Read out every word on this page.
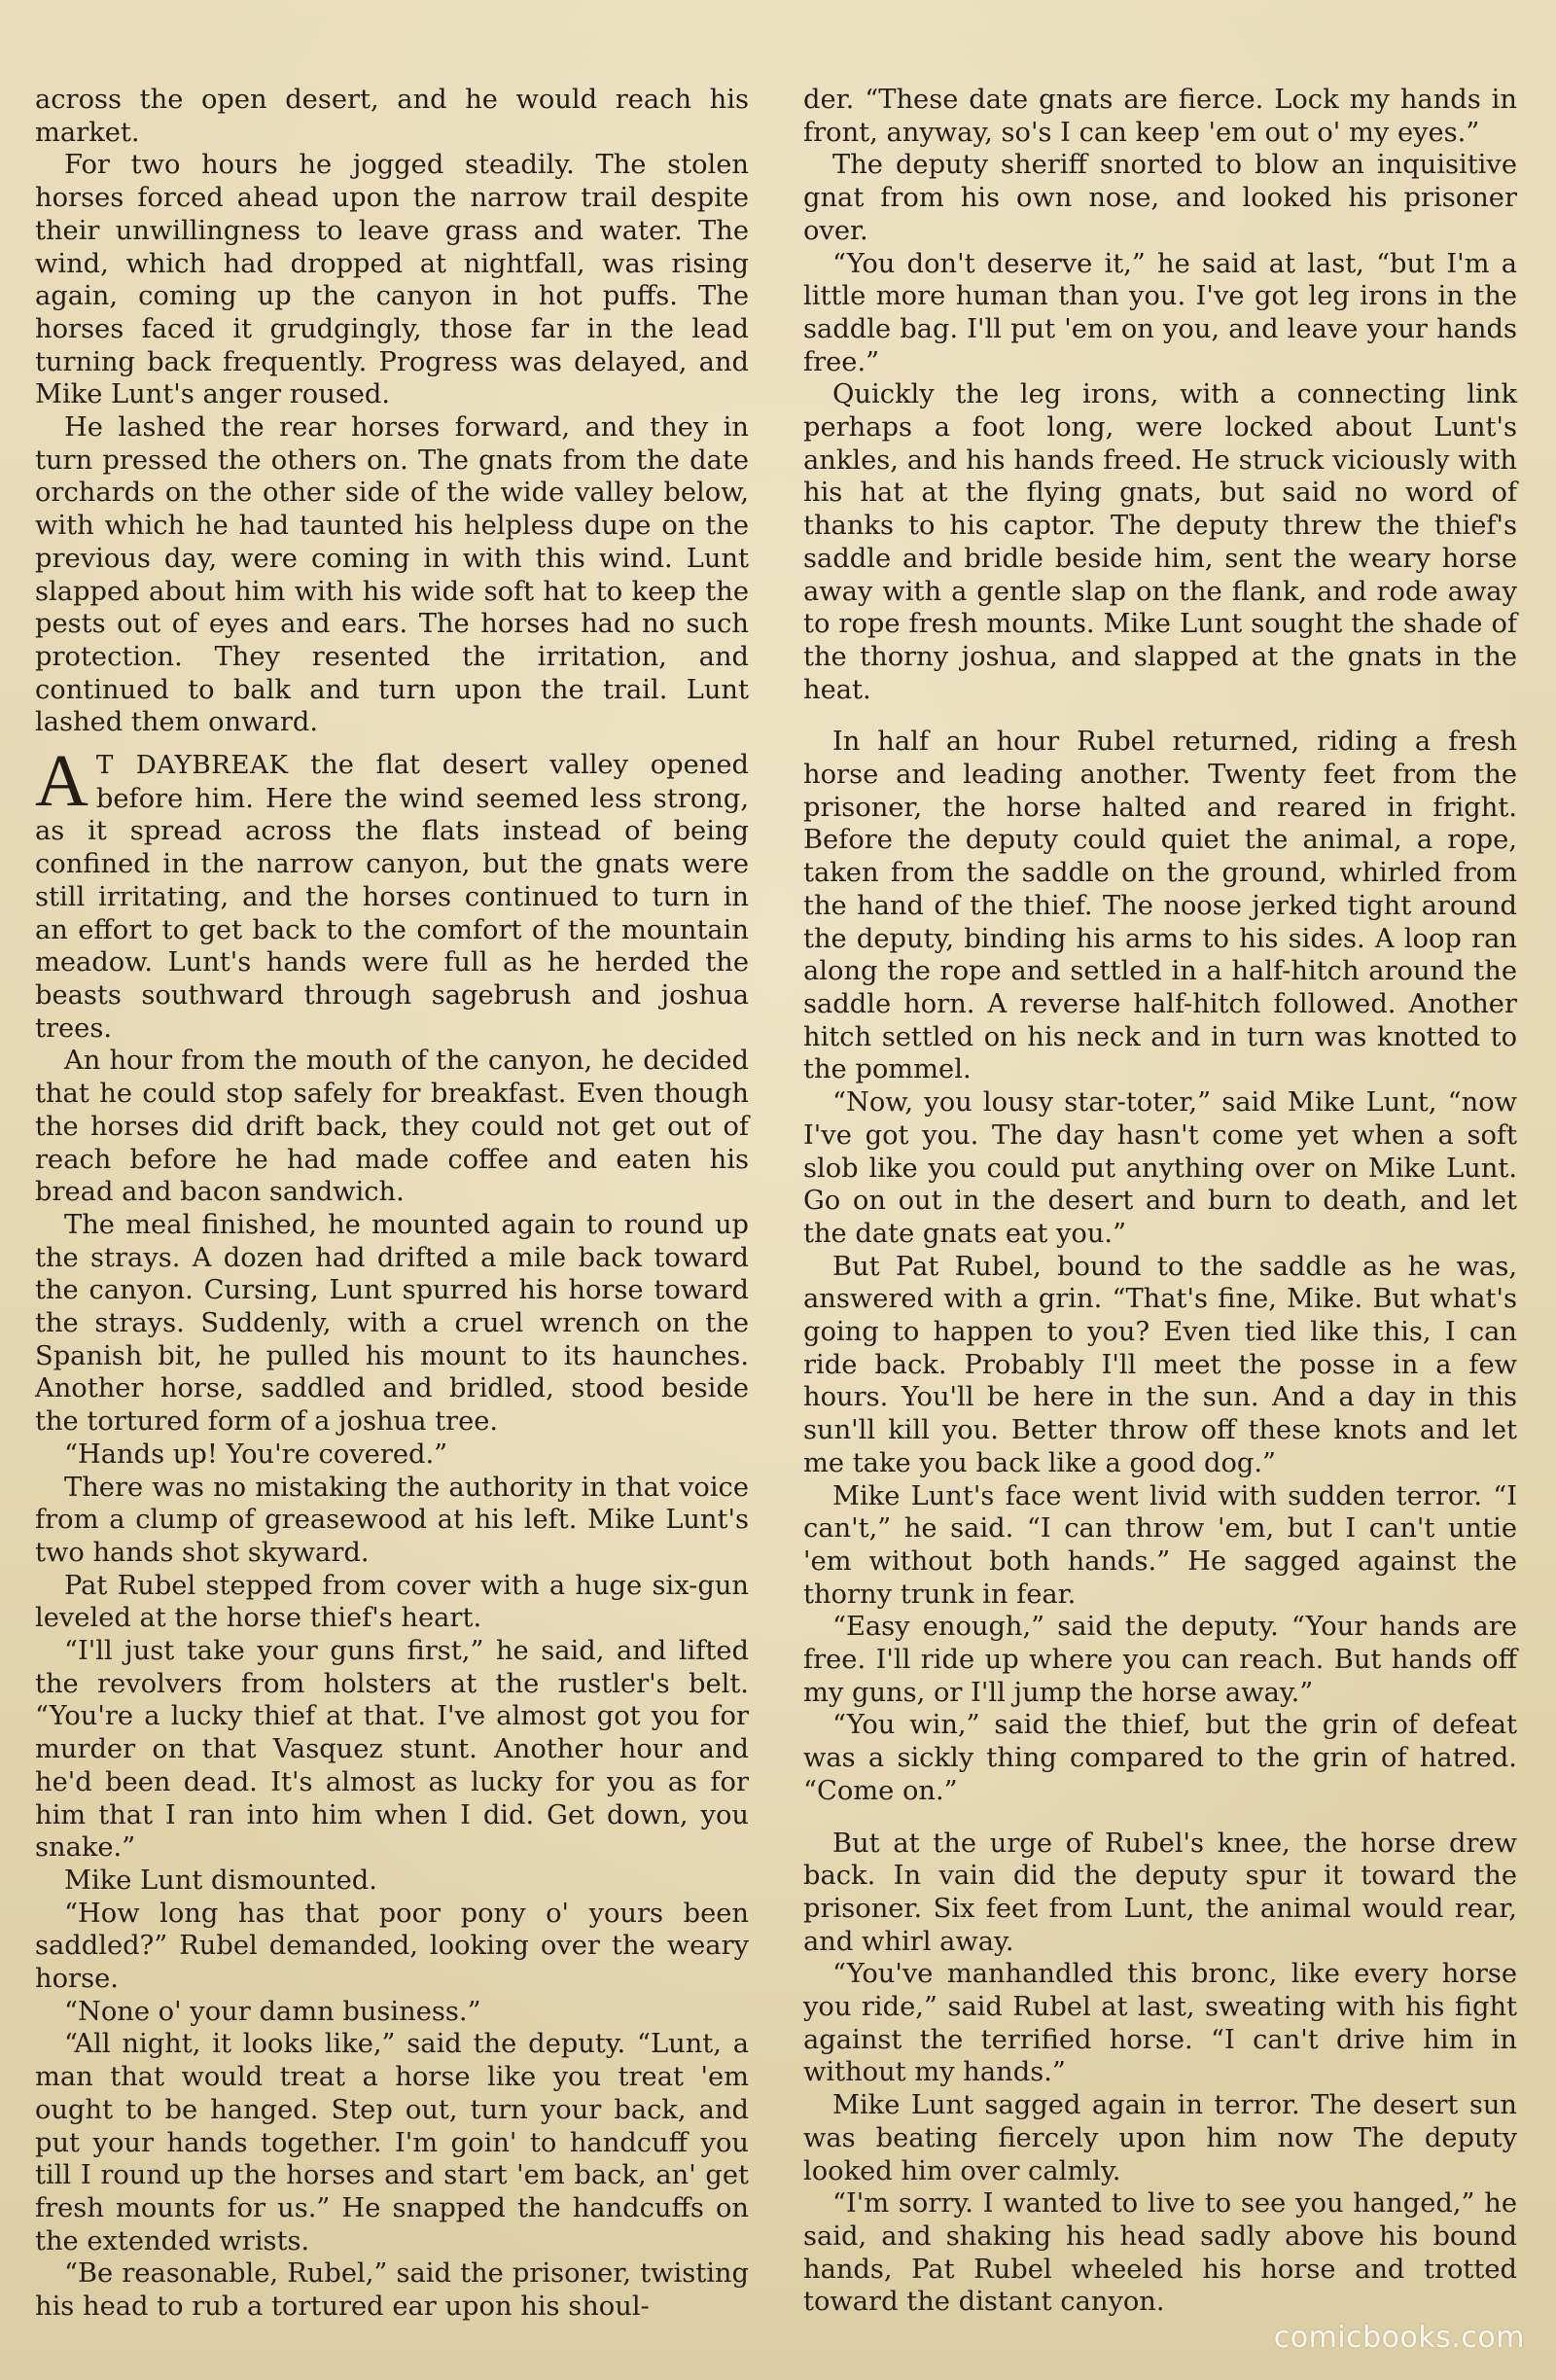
across the open desert, and he would reach his market.

For two hours he jogged steadily. The stolen horses forced ahead upon the narrow trail despite their unwillingness to leave grass and water. The wind, which had dropped at nightfall, was rising again, coming up the canyon in hot puffs. The horses faced it grudgingly, those far in the lead turning back frequently. Progress was delayed, and Mike Lunt's anger roused.

He lashed the rear horses forward, and they in turn pressed the others on. The gnats from the date orchards on the other side of the wide valley below, with which he had taunted his helpless dupe on the previous day, were coming in with this wind. Lunt slapped about him with his wide soft hat to keep the pests out of eyes and ears. The horses had no such protection. They resented the irritation, and continued to balk and turn upon the trail. Lunt lashed them onward.

A T DAYBREAK the flat desert valley opened before him. Here the wind seemed less strong, as it spread across the flats instead of being confined in the narrow canyon, but the gnats were still irritating, and the horses continued to turn in an effort to get back to the comfort of the mountain meadow. Lunt's hands were full as he herded the beasts southward through sagebrush and joshua trees.

An hour from the mouth of the canyon, he decided that he could stop safely for breakfast. Even though the horses did drift back, they could not get out of reach before he had made coffee and eaten his bread and bacon sandwich.

The meal finished, he mounted again to round up the strays. A dozen had drifted a mile back toward the canyon. Cursing, Lunt spurred his horse toward the strays. Suddenly, with a cruel wrench on the Spanish bit, he pulled his mount to its haunches. Another horse, saddled and bridled, stood beside the tortured form of a joshua tree.

“Hands up! You're covered.”

There was no mistaking the authority in that voice from a clump of greasewood at his left. Mike Lunt's two hands shot skyward.

Pat Rubel stepped from cover with a huge six-gun leveled at the horse thief's heart.

“I'll just take your guns first,” he said, and lifted the revolvers from holsters at the rustler's belt. “You're a lucky thief at that. I've almost got you for murder on that Vasquez stunt. Another hour and he'd been dead. It's almost as lucky for you as for him that I ran into him when I did. Get down, you snake.”

Mike Lunt dismounted.

“How long has that poor pony o' yours been saddled?” Rubel demanded, looking over the weary horse.

“None o' your damn business.”

“All night, it looks like,” said the deputy. “Lunt, a man that would treat a horse like you treat 'em ought to be hanged. Step out, turn your back, and put your hands together. I'm goin' to handcuff you till I round up the horses and start 'em back, an' get fresh mounts for us.” He snapped the handcuffs on the extended wrists.

“Be reasonable, Rubel,” said the prisoner, twisting his head to rub a tortured ear upon his shoul-

der. “These date gnats are fierce. Lock my hands in front, anyway, so's I can keep 'em out o' my eyes.”

The deputy sheriff snorted to blow an inquisitive gnat from his own nose, and looked his prisoner over.

“You don't deserve it,” he said at last, “but I'm a little more human than you. I've got leg irons in the saddle bag. I'll put 'em on you, and leave your hands free.”

Quickly the leg irons, with a connecting link perhaps a foot long, were locked about Lunt's ankles, and his hands freed. He struck viciously with his hat at the flying gnats, but said no word of thanks to his captor. The deputy threw the thief's saddle and bridle beside him, sent the weary horse away with a gentle slap on the flank, and rode away to rope fresh mounts. Mike Lunt sought the shade of the thorny joshua, and slapped at the gnats in the heat.

In half an hour Rubel returned, riding a fresh horse and leading another. Twenty feet from the prisoner, the horse halted and reared in fright. Before the deputy could quiet the animal, a rope, taken from the saddle on the ground, whirled from the hand of the thief. The noose jerked tight around the deputy, binding his arms to his sides. A loop ran along the rope and settled in a half-hitch around the saddle horn. A reverse half-hitch followed. Another hitch settled on his neck and in turn was knotted to the pommel.

“Now, you lousy star-toter,” said Mike Lunt, “now I've got you. The day hasn't come yet when a soft slob like you could put anything over on Mike Lunt. Go on out in the desert and burn to death, and let the date gnats eat you.”

But Pat Rubel, bound to the saddle as he was, answered with a grin. “That's fine, Mike. But what's going to happen to you? Even tied like this, I can ride back. Probably I'll meet the posse in a few hours. You'll be here in the sun. And a day in this sun'll kill you. Better throw off these knots and let me take you back like a good dog.”

Mike Lunt's face went livid with sudden terror. “I can't,” he said. “I can throw 'em, but I can't untie 'em without both hands.” He sagged against the thorny trunk in fear.

“Easy enough,” said the deputy. “Your hands are free. I'll ride up where you can reach. But hands off my guns, or I'll jump the horse away.”

“You win,” said the thief, but the grin of defeat was a sickly thing compared to the grin of hatred. “Come on.”

But at the urge of Rubel's knee, the horse drew back. In vain did the deputy spur it toward the prisoner. Six feet from Lunt, the animal would rear, and whirl away.

“You've manhandled this bronc, like every horse you ride,” said Rubel at last, sweating with his fight against the terrified horse. “I can't drive him in without my hands.”

Mike Lunt sagged again in terror. The desert sun was beating fiercely upon him now The deputy looked him over calmly.

“I'm sorry. I wanted to live to see you hanged,” he said, and shaking his head sadly above his bound hands, Pat Rubel wheeled his horse and trotted toward the distant canyon.

comicbooks.com
